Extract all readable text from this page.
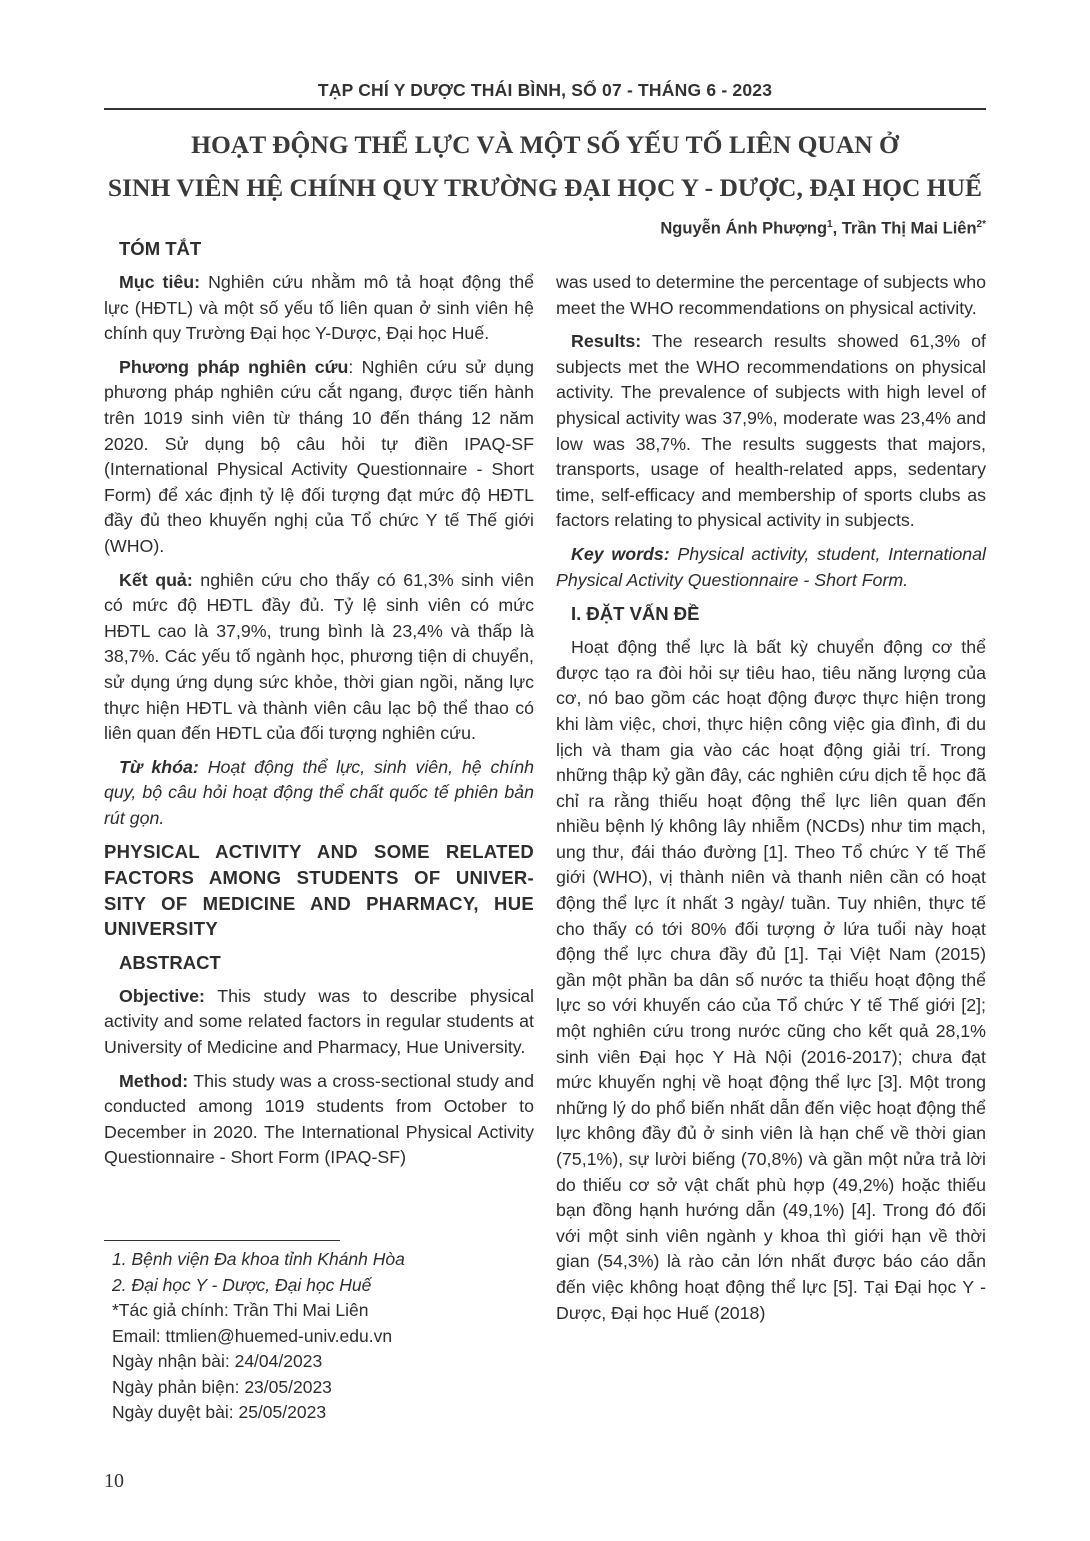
TẠP CHÍ Y DƯỢC THÁI BÌNH, SỐ 07 - THÁNG 6 - 2023
HOẠT ĐỘNG THỂ LỰC VÀ MỘT SỐ YẾU TỐ LIÊN QUAN Ở
SINH VIÊN HỆ CHÍNH QUY TRƯỜNG ĐẠI HỌC Y - DƯỢC, ĐẠI HỌC HUẾ
Nguyễn Ánh Phượng$^1$, Trần Thị Mai Liên$^{2*}$
TÓM TẮT

Mục tiêu: Nghiên cứu nhằm mô tả hoạt động thể lực (HĐTL) và một số yếu tố liên quan ở sinh viên hệ chính quy Trường Đại học Y-Dược, Đại học Huế.

Phương pháp nghiên cứu: Nghiên cứu sử dụng phương pháp nghiên cứu cắt ngang, được tiến hành trên 1019 sinh viên từ tháng 10 đến tháng 12 năm 2020. Sử dụng bộ câu hỏi tự điền IPAQ-SF (International Physical Activity Questionnaire - Short Form) để xác định tỷ lệ đối tượng đạt mức độ HĐTL đầy đủ theo khuyến nghị của Tổ chức Y tế Thế giới (WHO).

Kết quả: nghiên cứu cho thấy có 61,3% sinh viên có mức độ HĐTL đầy đủ. Tỷ lệ sinh viên có mức HĐTL cao là 37,9%, trung bình là 23,4% và thấp là 38,7%. Các yếu tố ngành học, phương tiện di chuyển, sử dụng ứng dụng sức khỏe, thời gian ngồi, năng lực thực hiện HĐTL và thành viên câu lạc bộ thể thao có liên quan đến HĐTL của đối tượng nghiên cứu.

Từ khóa: Hoạt động thể lực, sinh viên, hệ chính quy, bộ câu hỏi hoạt động thể chất quốc tế phiên bản rút gọn.

PHYSICAL ACTIVITY AND SOME RELATED FACTORS AMONG STUDENTS OF UNIVER-SITY OF MEDICINE AND PHARMACY, HUE UNIVERSITY
ABSTRACT

Objective: This study was to describe physical activity and some related factors in regular students at University of Medicine and Pharmacy, Hue University.

Method: This study was a cross-sectional study and conducted among 1019 students from October to December in 2020. The International Physical Activity Questionnaire - Short Form (IPAQ-SF)

1. Bệnh viện Đa khoa tỉnh Khánh Hòa
2. Đại học Y - Dược, Đại học Huế
*Tác giả chính: Trần Thi Mai Liên
Email: ttmlien@huemed-univ.edu.vn
Ngày nhận bài: 24/04/2023
Ngày phản biện: 23/05/2023
Ngày duyệt bài: 25/05/2023

was used to determine the percentage of subjects who meet the WHO recommendations on physical activity.

Results: The research results showed 61,3% of subjects met the WHO recommendations on physical activity. The prevalence of subjects with high level of physical activity was 37,9%, moderate was 23,4% and low was 38,7%. The results suggests that majors, transports, usage of health-related apps, sedentary time, self-efficacy and membership of sports clubs as factors relating to physical activity in subjects.

Key words: Physical activity, student, International Physical Activity Questionnaire - Short Form.

I. ĐẶT VẤN ĐỀ

Hoạt động thể lực là bất kỳ chuyển động cơ thể được tạo ra đòi hỏi sự tiêu hao, tiêu năng lượng của cơ, nó bao gồm các hoạt động được thực hiện trong khi làm việc, chơi, thực hiện công việc gia đình, đi du lịch và tham gia vào các hoạt động giải trí. Trong những thập kỷ gần đây, các nghiên cứu dịch tễ học đã chỉ ra rằng thiếu hoạt động thể lực liên quan đến nhiều bệnh lý không lây nhiễm (NCDs) như tim mạch, ung thư, đái tháo đường [1]. Theo Tổ chức Y tế Thế giới (WHO), vị thành niên và thanh niên cần có hoạt động thể lực ít nhất 3 ngày/ tuần. Tuy nhiên, thực tế cho thấy có tới 80% đối tượng ở lứa tuổi này hoạt động thể lực chưa đầy đủ [1]. Tại Việt Nam (2015) gần một phần ba dân số nước ta thiếu hoạt động thể lực so với khuyến cáo của Tổ chức Y tế Thế giới [2]; một nghiên cứu trong nước cũng cho kết quả 28,1% sinh viên Đại học Y Hà Nội (2016-2017); chưa đạt mức khuyến nghị về hoạt động thể lực [3]. Một trong những lý do phổ biến nhất dẫn đến việc hoạt động thể lực không đầy đủ ở sinh viên là hạn chế về thời gian (75,1%), sự lười biếng (70,8%) và gần một nửa trả lời do thiếu cơ sở vật chất phù hợp (49,2%) hoặc thiếu bạn đồng hạnh hướng dẫn (49,1%) [4]. Trong đó đối với một sinh viên ngành y khoa thì giới hạn về thời gian (54,3%) là rào cản lớn nhất được báo cáo dẫn đến việc không hoạt động thể lực [5]. Tại Đại học Y -Dược, Đại học Huế (2018)

10
